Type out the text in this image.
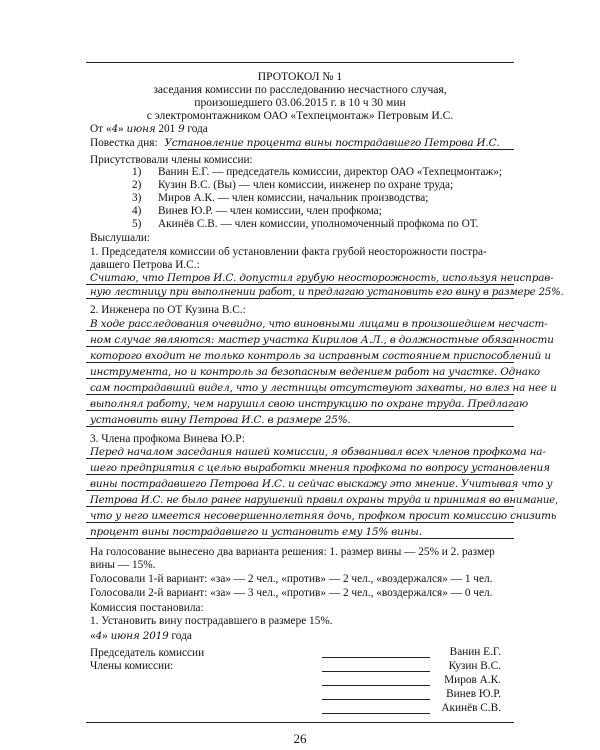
ПРОТОКОЛ № 1
заседания комиссии по расследованию несчастного случая,
произошедшего 03.06.2015 г. в 10 ч 30 мин
с электромонтажником ОАО «Техпецмонтаж» Петровым И.С.
От «4» июня 201 9 года
Повестка дня: Установление процента вины пострадавшего Петрова И.С.
Присутствовали члены комиссии:
1) Ванин Е.Г. — председатель комиссии, директор ОАО «Техпецмонтаж»;
2) Кузин В.С. (Вы) — член комиссии, инженер по охране труда;
3) Миров А.К. — член комиссии, начальник производства;
4) Винев Ю.Р. — член комиссии, член профкома;
5) Акинёв С.В. — член комиссии, уполномоченный профкома по ОТ.
Выслушали:
1. Председателя комиссии об установлении факта грубой неосторожности постра-
давшего Петрова И.С.:
Считаю, что Петров И.С. допустил грубую неосторожность, используя неисправ-
ную лестницу при выполнении работ, и предлагаю установить его вину в размере 25%.
2. Инженера по ОТ Кузина В.С.:
В ходе расследования очевидно, что виновными лицами в произошедшем несчаст-
ном случае являются: мастер участка Кирилов А.Л., в должностные обязанности
которого входит не только контроль за исправным состоянием приспособлений и
инструмента, но и контроль за безопасным ведением работ на участке. Однако
сам пострадавший видел, что у лестницы отсутствуют захваты, но влез на нее и
выполнял работу, чем нарушил свою инструкцию по охране труда. Предлагаю
установить вину Петрова И.С. в размере 25%.
3. Члена профкома Винева Ю.Р:
Перед началом заседания нашей комиссии, я обзванивал всех членов профкома на-
шего предприятия с целью выработки мнения профкома по вопросу установления
вины пострадавшего Петрова И.С. и сейчас выскажу это мнение. Учитывая что у
Петрова И.С. не было ранее нарушений правил охраны труда и принимая во внимание,
что у него имеется несовершеннолетняя дочь, профком просит комиссию снизить
процент вины пострадавшего и установить ему 15% вины.
На голосование вынесено два варианта решения: 1. размер вины — 25% и 2. размер
вины — 15%.
Голосовали 1-й вариант: «за» — 2 чел., «против» — 2 чел., «воздержался» — 1 чел.
Голосовали 2-й вариант: «за» — 3 чел., «против» — 2 чел., «воздержался» — 0 чел.
Комиссия постановила:
1. Установить вину пострадавшего в размере 15%.
«4» июня 2019 года
Председатель комиссии
Члены комиссии:
Ванин Е.Г.
Кузин В.С.
Миров А.К.
Винев Ю.Р.
Акинёв С.В.
26
